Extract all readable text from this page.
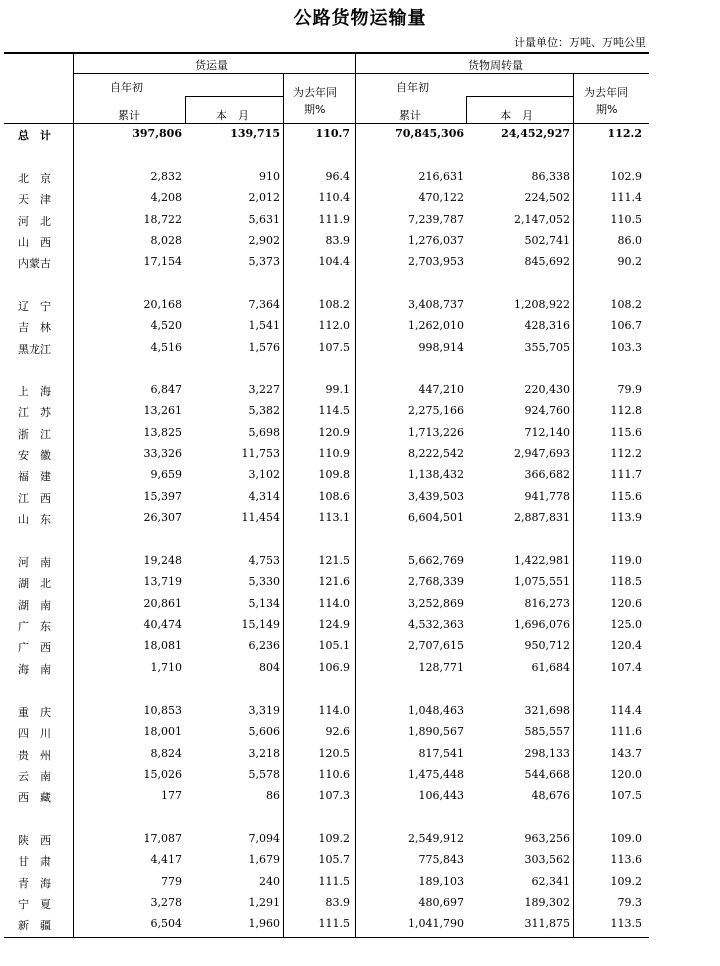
公路货物运输量
计量单位：万吨、万吨公里
货运量	货物周转量
自年初
累计	本　月
为去年同
期%
自年初
累计	本　月
为去年同
期%
总　计	397,806	139,715	110.7	70,845,306	24,452,927	112.2
北　京	2,832	910	96.4	216,631	86,338	102.9
天　津	4,208	2,012	110.4	470,122	224,502	111.4
河　北	18,722	5,631	111.9	7,239,787	2,147,052	110.5
山　西	8,028	2,902	83.9	1,276,037	502,741	86.0
内蒙古	17,154	5,373	104.4	2,703,953	845,692	90.2
辽　宁	20,168	7,364	108.2	3,408,737	1,208,922	108.2
吉　林	4,520	1,541	112.0	1,262,010	428,316	106.7
黑龙江	4,516	1,576	107.5	998,914	355,705	103.3
上　海	6,847	3,227	99.1	447,210	220,430	79.9
江　苏	13,261	5,382	114.5	2,275,166	924,760	112.8
浙　江	13,825	5,698	120.9	1,713,226	712,140	115.6
安　徽	33,326	11,753	110.9	8,222,542	2,947,693	112.2
福　建	9,659	3,102	109.8	1,138,432	366,682	111.7
江　西	15,397	4,314	108.6	3,439,503	941,778	115.6
山　东	26,307	11,454	113.1	6,604,501	2,887,831	113.9
河　南	19,248	4,753	121.5	5,662,769	1,422,981	119.0
湖　北	13,719	5,330	121.6	2,768,339	1,075,551	118.5
湖　南	20,861	5,134	114.0	3,252,869	816,273	120.6
广　东	40,474	15,149	124.9	4,532,363	1,696,076	125.0
广　西	18,081	6,236	105.1	2,707,615	950,712	120.4
海　南	1,710	804	106.9	128,771	61,684	107.4
重　庆	10,853	3,319	114.0	1,048,463	321,698	114.4
四　川	18,001	5,606	92.6	1,890,567	585,557	111.6
贵　州	8,824	3,218	120.5	817,541	298,133	143.7
云　南	15,026	5,578	110.6	1,475,448	544,668	120.0
西　藏	177	86	107.3	106,443	48,676	107.5
陕　西	17,087	7,094	109.2	2,549,912	963,256	109.0
甘　肃	4,417	1,679	105.7	775,843	303,562	113.6
青　海	779	240	111.5	189,103	62,341	109.2
宁　夏	3,278	1,291	83.9	480,697	189,302	79.3
新　疆	6,504	1,960	111.5	1,041,790	311,875	113.5
